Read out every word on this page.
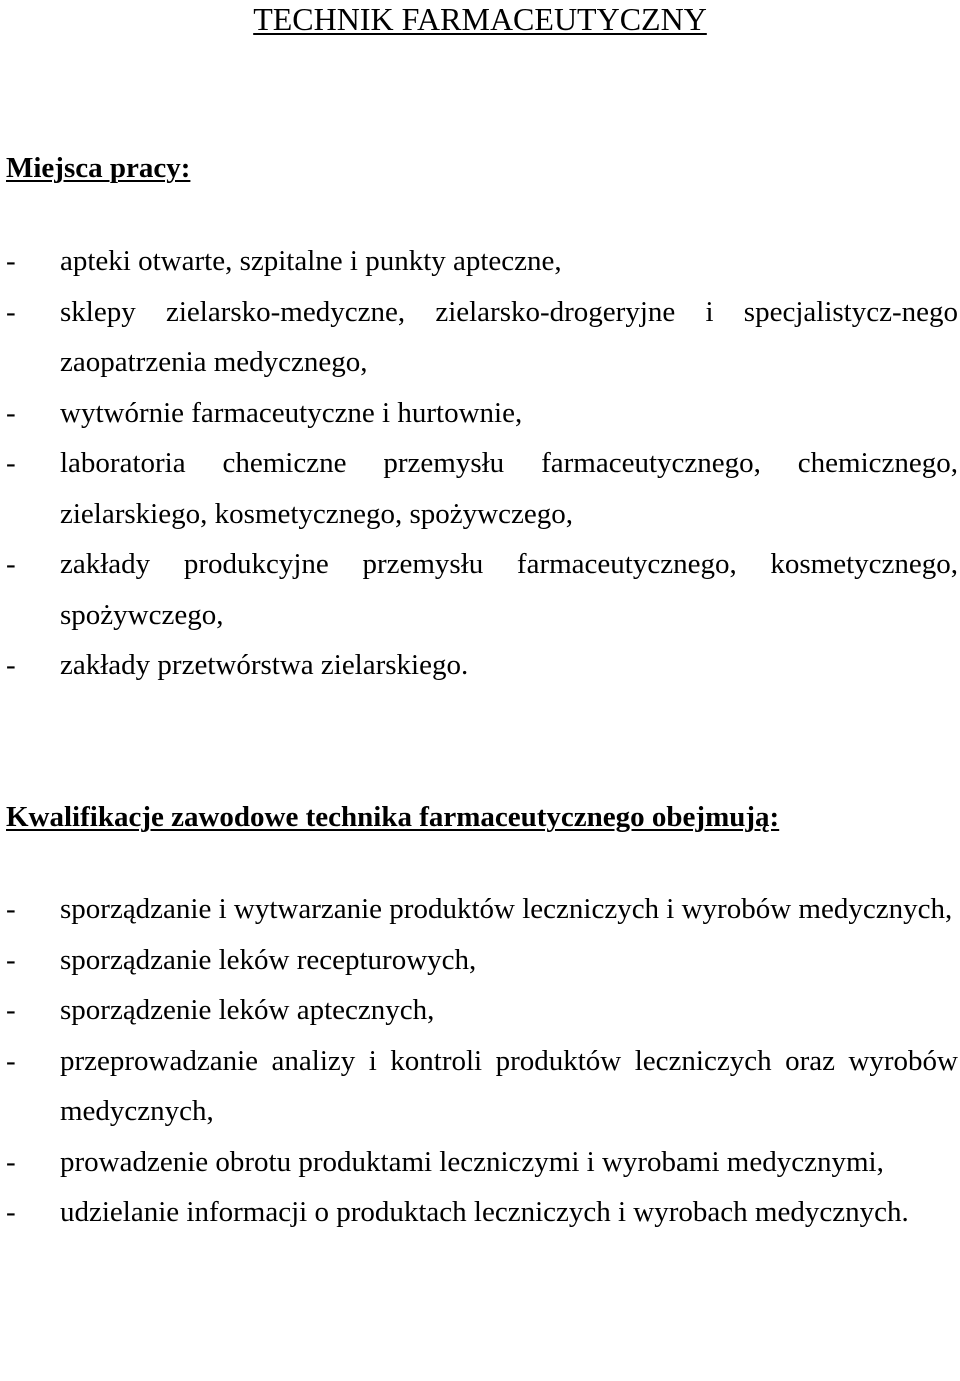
TECHNIK FARMACEUTYCZNY
Miejsca pracy:
- apteki otwarte, szpitalne i punkty apteczne,
- sklepy zielarsko-medyczne, zielarsko-drogeryjne i specjalistycz-nego zaopatrzenia medycznego,
- wytwórnie farmaceutyczne i hurtownie,
- laboratoria chemiczne przemysłu farmaceutycznego, chemicznego, zielarskiego, kosmetycznego, spożywczego,
- zakłady produkcyjne przemysłu farmaceutycznego, kosmetycznego, spożywczego,
- zakłady przetwórstwa zielarskiego.
Kwalifikacje zawodowe technika farmaceutycznego obejmują:
- sporządzanie i wytwarzanie produktów leczniczych i wyrobów medycznych,
- sporządzanie leków recepturowych,
- sporządzenie leków aptecznych,
- przeprowadzanie analizy i kontroli produktów leczniczych oraz wyrobów medycznych,
- prowadzenie obrotu produktami leczniczymi i wyrobami medycznymi,
- udzielanie informacji o produktach leczniczych i wyrobach medycznych.
